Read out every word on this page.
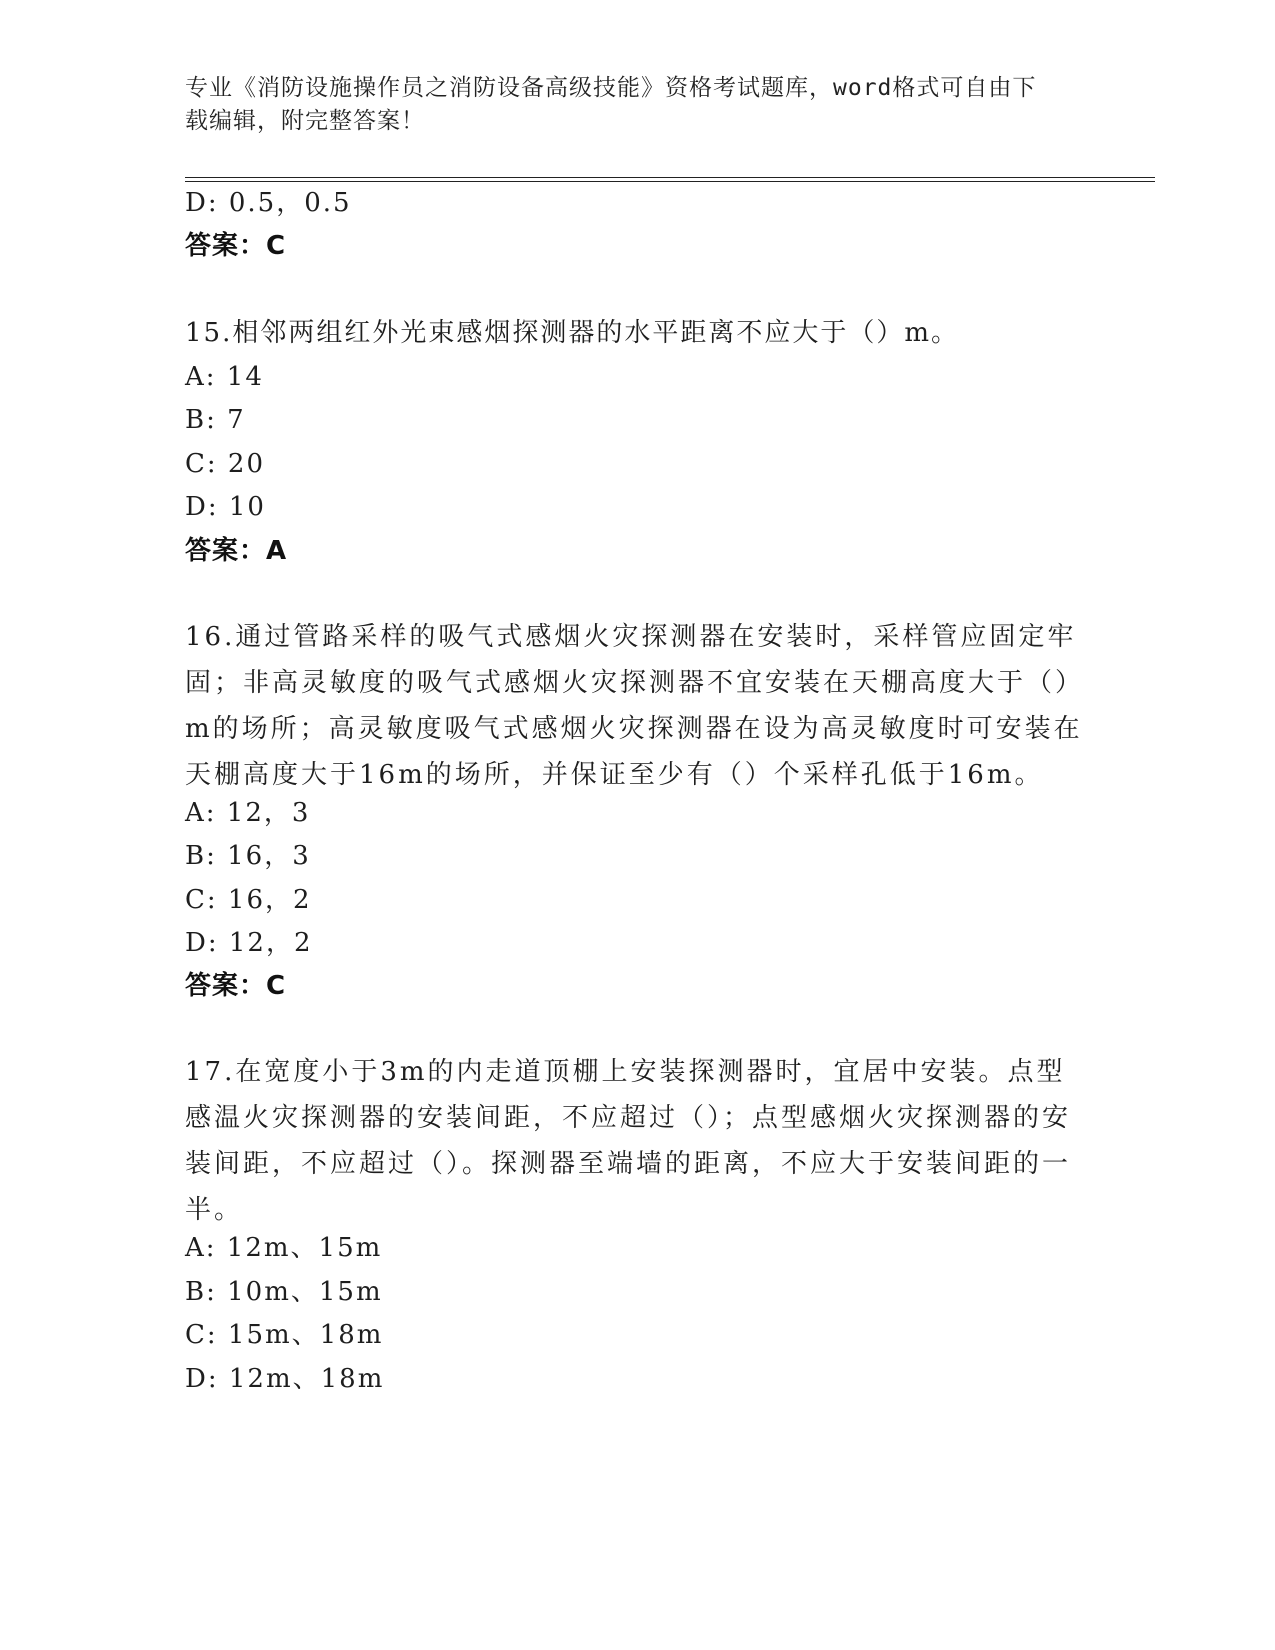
专业《消防设施操作员之消防设备高级技能》资格考试题库，word格式可自由下
载编辑，附完整答案！
D: 0.5，0.5
答案：C
15.相邻两组红外光束感烟探测器的水平距离不应大于（）m。
A: 14
B: 7
C: 20
D: 10
答案：A
16.通过管路采样的吸气式感烟火灾探测器在安装时，采样管应固定牢固；非高灵敏度的吸气式感烟火灾探测器不宜安装在天棚高度大于（）m的场所；高灵敏度吸气式感烟火灾探测器在设为高灵敏度时可安装在天棚高度大于16m的场所，并保证至少有（）个采样孔低于16m。
A: 12，3
B: 16，3
C: 16，2
D: 12，2
答案：C
17.在宽度小于3m的内走道顶棚上安装探测器时，宜居中安装。点型感温火灾探测器的安装间距，不应超过（）；点型感烟火灾探测器的安装间距，不应超过（）。探测器至端墙的距离，不应大于安装间距的一半。
A: 12m、15m
B: 10m、15m
C: 15m、18m
D: 12m、18m
